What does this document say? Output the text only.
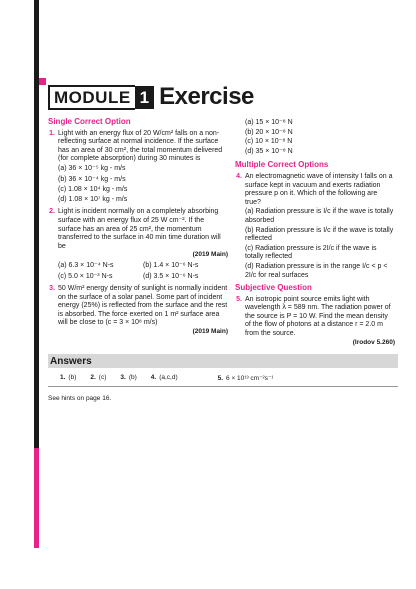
MODULE 1 Exercise
Single Correct Option
1. Light with an energy flux of 20 W/cm² falls on a non-reflecting surface at normal incidence. If the surface has an area of 30 cm², the total momentum delivered (for complete absorption) during 30 minutes is
(a) 36 × 10⁻⁵ kg - m/s
(b) 36 × 10⁻⁴ kg - m/s
(c) 1.08 × 10⁴ kg - m/s
(d) 1.08 × 10⁷ kg - m/s
2. Light is incident normally on a completely absorbing surface with an energy flux of 25 W cm⁻². If the surface has an area of 25 cm², the momentum transferred to the surface in 40 min time duration will be
(2019 Main)
(a) 6.3 × 10⁻⁴ N-s	(b) 1.4 × 10⁻⁶ N-s
(c) 5.0 × 10⁻³ N-s	(d) 3.5 × 10⁻⁶ N-s
3. 50 W/m² energy density of sunlight is normally incident on the surface of a solar panel. Some part of incident energy (25%) is reflected from the surface and the rest is absorbed. The force exerted on 1 m² surface area will be close to (c = 3 × 10⁸ m/s)
(2019 Main)
(a) 15 × 10⁻⁸ N
(b) 20 × 10⁻⁸ N
(c) 10 × 10⁻⁸ N
(d) 35 × 10⁻⁸ N
Multiple Correct Options
4. An electromagnetic wave of intensity I falls on a surface kept in vacuum and exerts radiation pressure p on it. Which of the following are true?
(a) Radiation pressure is I/c if the wave is totally absorbed
(b) Radiation pressure is I/c if the wave is totally reflected
(c) Radiation pressure is 2I/c if the wave is totally reflected
(d) Radiation pressure is in the range I/c < p < 2I/c for real surfaces
Subjective Question
5. An isotropic point source emits light with wavelength λ = 589 nm. The radiation power of the source is P = 10 W. Find the mean density of the flow of photons at a distance r = 2.0 m from the source.
(Irodov 5.260)
Answers
1. (b) 2. (c) 3. (b) 4. (a,c,d)	5. 6 × 10¹³ cm⁻²s⁻¹
See hints on page 16.
